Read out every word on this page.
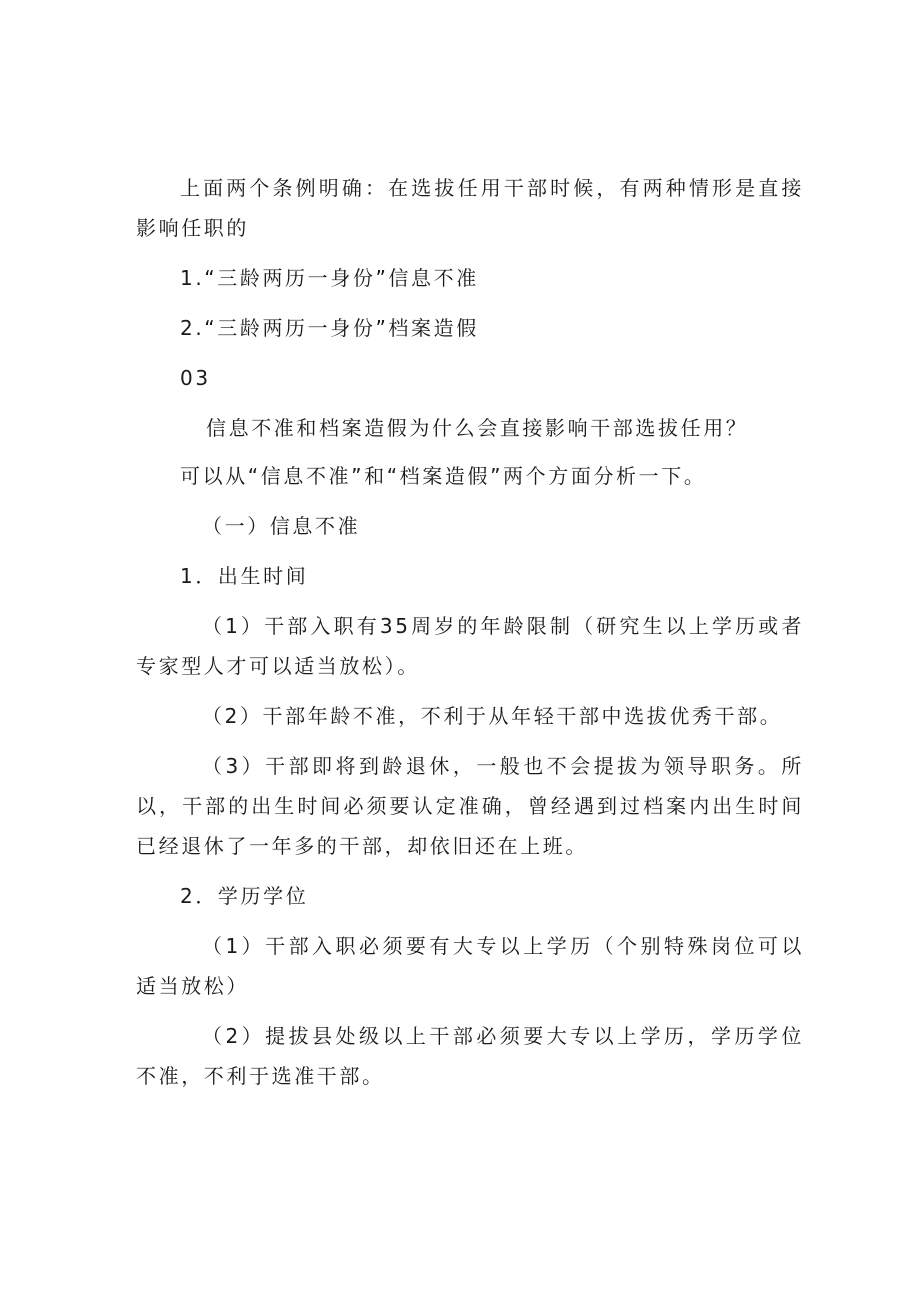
上面两个条例明确：在选拔任用干部时候，有两种情形是直接影响任职的

1.“三龄两历一身份”信息不准

2.“三龄两历一身份”档案造假

03

信息不准和档案造假为什么会直接影响干部选拔任用？

可以从“信息不准”和“档案造假”两个方面分析一下。

（一）信息不准

1．出生时间

（1）干部入职有35周岁的年龄限制（研究生以上学历或者专家型人才可以适当放松）。

（2）干部年龄不准，不利于从年轻干部中选拔优秀干部。

（3）干部即将到龄退休，一般也不会提拔为领导职务。所以，干部的出生时间必须要认定准确，曾经遇到过档案内出生时间已经退休了一年多的干部，却依旧还在上班。

2．学历学位

（1）干部入职必须要有大专以上学历（个别特殊岗位可以适当放松）

（2）提拔县处级以上干部必须要大专以上学历，学历学位不准，不利于选准干部。
